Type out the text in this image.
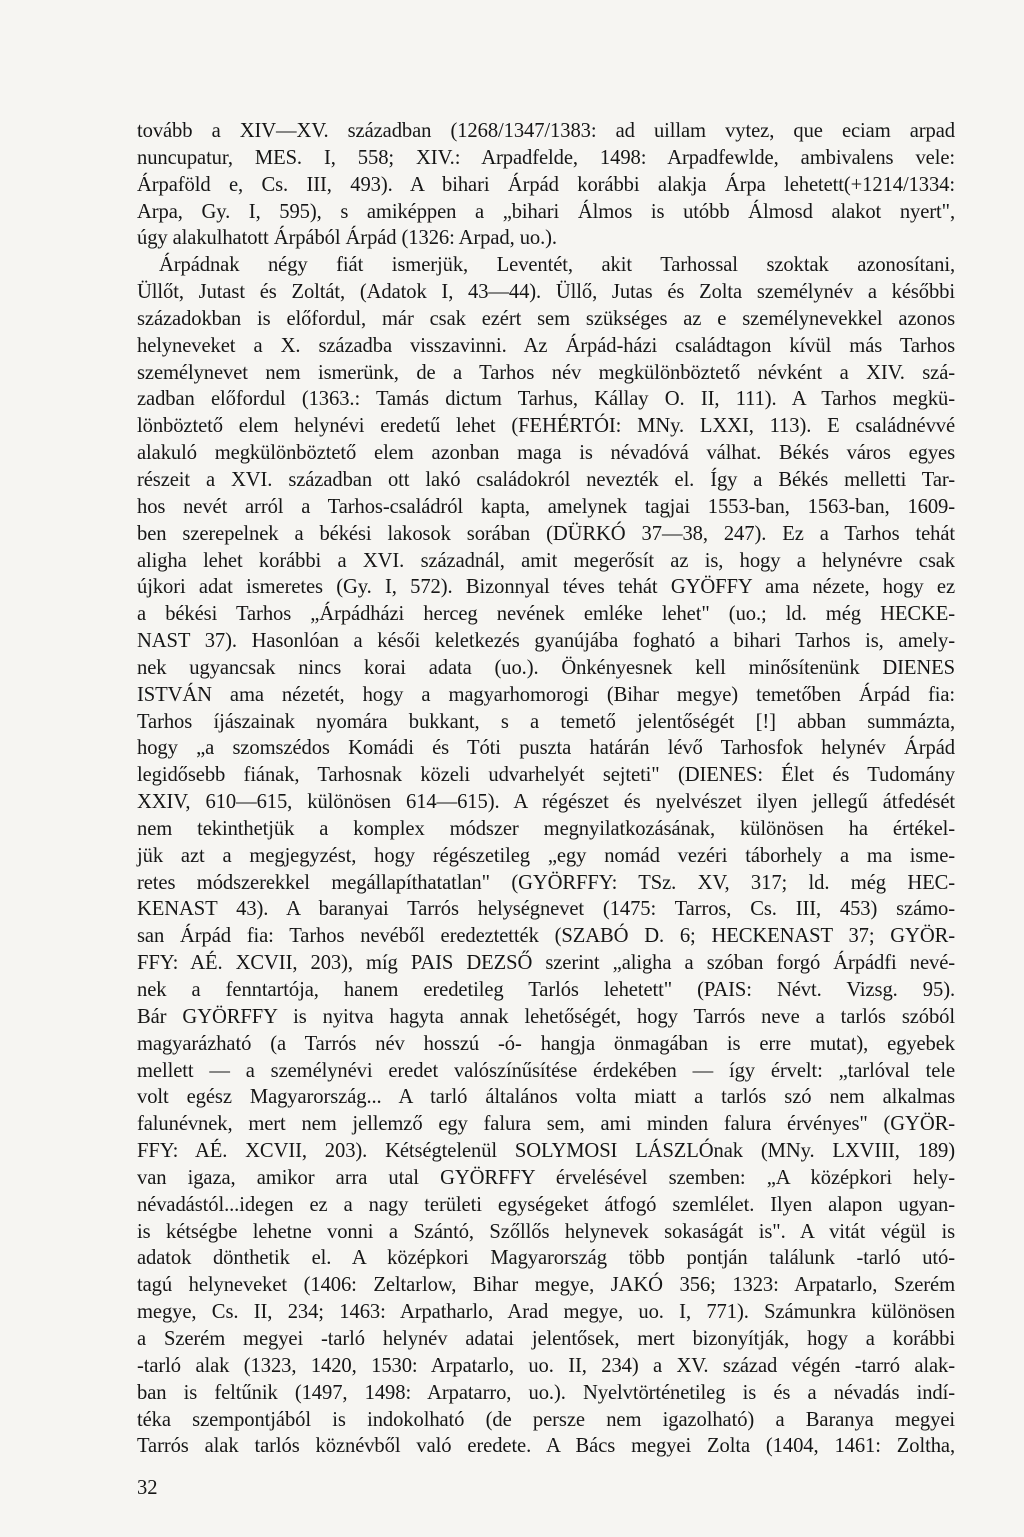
tovább a XIV—XV. században (1268/1347/1383: ad uillam vytez, que eciam arpad
nuncupatur, MES. I, 558; XIV.: Arpadfelde, 1498: Arpadfewlde, ambivalens vele:
Árpaföld e, Cs. III, 493). A bihari Árpád korábbi alakja Árpa lehetett(+1214/1334:
Arpa, Gy. I, 595), s amiképpen a „bihari Álmos is utóbb Álmosd alakot nyert",
úgy alakulhatott Árpából Árpád (1326: Arpad, uo.).
Árpádnak négy fiát ismerjük, Leventét, akit Tarhossal szoktak azonosítani,
Üllőt, Jutast és Zoltát, (Adatok I, 43—44). Üllő, Jutas és Zolta személynév a későbbi
századokban is előfordul, már csak ezért sem szükséges az e személynevekkel azonos
helyneveket a X. századba visszavinni. Az Árpád-házi családtagon kívül más Tarhos
személynevet nem ismerünk, de a Tarhos név megkülönböztető névként a XIV. szá-
zadban előfordul (1363.: Tamás dictum Tarhus, Kállay O. II, 111). A Tarhos megkü-
lönböztető elem helynévi eredetű lehet (FEHÉRTÓI: MNy. LXXI, 113). E családnévvé
alakuló megkülönböztető elem azonban maga is névadóvá válhat. Békés város egyes
részeit a XVI. században ott lakó családokról nevezték el. Így a Békés melletti Tar-
hos nevét arról a Tarhos-családról kapta, amelynek tagjai 1553-ban, 1563-ban, 1609-
ben szerepelnek a békési lakosok sorában (DÜRKÓ 37—38, 247). Ez a Tarhos tehát
aligha lehet korábbi a XVI. századnál, amit megerősít az is, hogy a helynévre csak
újkori adat ismeretes (Gy. I, 572). Bizonnyal téves tehát GYÖFFY ama nézete, hogy ez
a békési Tarhos „Árpádházi herceg nevének emléke lehet" (uo.; ld. még HECKE-
NAST 37). Hasonlóan a késői keletkezés gyanújába fogható a bihari Tarhos is, amely-
nek ugyancsak nincs korai adata (uo.). Önkényesnek kell minősítenünk DIENES
ISTVÁN ama nézetét, hogy a magyarhomorogi (Bihar megye) temetőben Árpád fia:
Tarhos íjászainak nyomára bukkant, s a temető jelentőségét [!] abban summázta,
hogy „a szomszédos Komádi és Tóti puszta határán lévő Tarhosfok helynév Árpád
legidősebb fiának, Tarhosnak közeli udvarhelyét sejteti" (DIENES: Élet és Tudomány
XXIV, 610—615, különösen 614—615). A régészet és nyelvészet ilyen jellegű átfedését
nem tekinthetjük a komplex módszer megnyilatkozásának, különösen ha értékel-
jük azt a megjegyzést, hogy régészetileg „egy nomád vezéri táborhely a ma isme-
retes módszerekkel megállapíthatatlan" (GYÖRFFY: TSz. XV, 317; ld. még HEC-
KENAST 43). A baranyai Tarrós helységnevet (1475: Tarros, Cs. III, 453) számo-
san Árpád fia: Tarhos nevéből eredeztették (SZABÓ D. 6; HECKENAST 37; GYÖR-
FFY: AÉ. XCVII, 203), míg PAIS DEZSŐ szerint „aligha a szóban forgó Árpádfi nevé-
nek a fenntartója, hanem eredetileg Tarlós lehetett" (PAIS: Névt. Vizsg. 95).
Bár GYÖRFFY is nyitva hagyta annak lehetőségét, hogy Tarrós neve a tarlós szóból
magyarázható (a Tarrós név hosszú -ó- hangja önmagában is erre mutat), egyebek
mellett — a személynévi eredet valószínűsítése érdekében — így érvelt: „tarlóval tele
volt egész Magyarország... A tarló általános volta miatt a tarlós szó nem alkalmas
falunévnek, mert nem jellemző egy falura sem, ami minden falura érvényes" (GYÖR-
FFY: AÉ. XCVII, 203). Kétségtelenül SOLYMOSI LÁSZLÓnak (MNy. LXVIII, 189)
van igaza, amikor arra utal GYÖRFFY érvelésével szemben: „A középkori hely-
névadástól...idegen ez a nagy területi egységeket átfogó szemlélet. Ilyen alapon ugyan-
is kétségbe lehetne vonni a Szántó, Szőllős helynevek sokaságát is". A vitát végül is
adatok dönthetik el. A középkori Magyarország több pontján találunk -tarló utó-
tagú helyneveket (1406: Zeltarlow, Bihar megye, JAKÓ 356; 1323: Arpatarlo, Szerém
megye, Cs. II, 234; 1463: Arpatharlo, Arad megye, uo. I, 771). Számunkra különösen
a Szerém megyei -tarló helynév adatai jelentősek, mert bizonyítják, hogy a korábbi
-tarló alak (1323, 1420, 1530: Arpatarlo, uo. II, 234) a XV. század végén -tarró alak-
ban is feltűnik (1497, 1498: Arpatarro, uo.). Nyelvtörténetileg is és a névadás indí-
téka szempontjából is indokolható (de persze nem igazolható) a Baranya megyei
Tarrós alak tarlós köznévből való eredete. A Bács megyei Zolta (1404, 1461: Zoltha,
32
